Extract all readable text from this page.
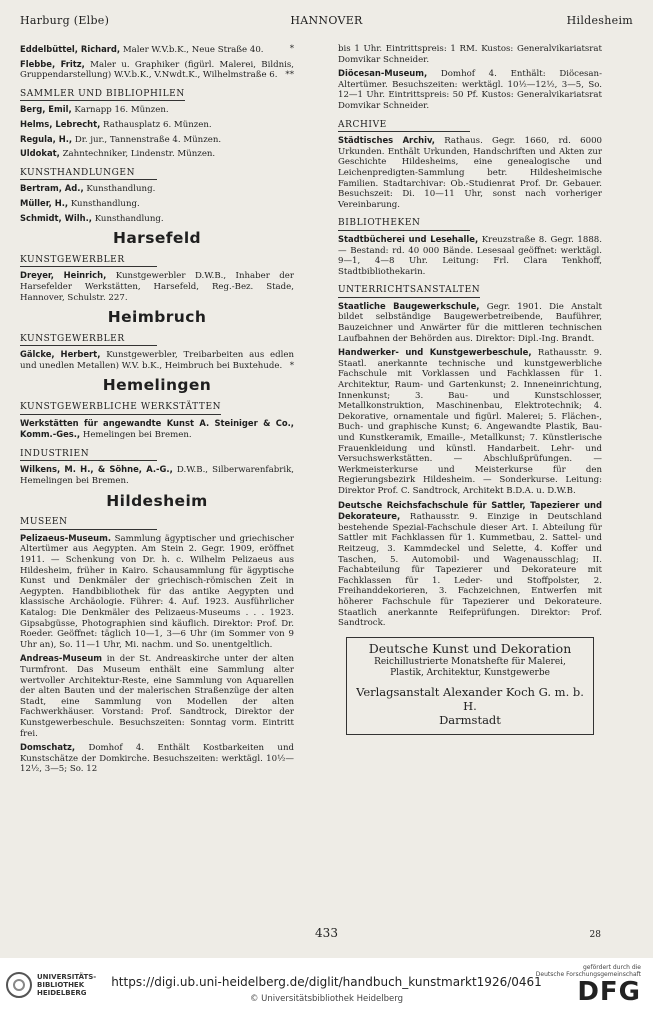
Harburg (Elbe)	HANNOVER	Hildesheim

Eddelbüttel, Richard, Maler W.V.b.K., Neue Straße 40.	*

Flebbe, Fritz, Maler u. Graphiker (figürl. Malerei, Bildnis, Gruppendarstellung) W.V.b.K., V.Nwdt.K., Wilhelmstraße 6. **

SAMMLER UND BIBLIOPHILEN

Berg, Emil, Karnapp 16. Münzen.

Helms, Lebrecht, Rathausplatz 6. Münzen.

Regula, H., Dr. jur., Tannenstraße 4. Münzen.

Uldokat, Zahntechniker, Lindenstr. Münzen.

KUNSTHANDLUNGEN

Bertram, Ad., Kunsthandlung.

Müller, H., Kunsthandlung.

Schmidt, Wilh., Kunsthandlung.

Harsefeld
KUNSTGEWERBLER

Dreyer, Heinrich, Kunstgewerbler D.W.B., Inhaber der Harsefelder Werkstätten, Harsefeld, Reg.-Bez. Stade, Hannover, Schulstr. 227.

Heimbruch
KUNSTGEWERBLER

Gälcke, Herbert, Kunstgewerbler, Treibarbeiten aus edlen und unedlen Metallen) W.V. b.K., Heimbruch bei Buxtehude. *

Hemelingen
KUNSTGEWERBLICHE WERKSTÄTTEN

Werkstätten für angewandte Kunst A. Steiniger & Co., Komm.-Ges., Hemelingen bei Bremen.

INDUSTRIEN

Wilkens, M. H., & Söhne, A.-G., D.W.B., Silberwarenfabrik, Hemelingen bei Bremen.

Hildesheim
MUSEEN

Pelizaeus-Museum. Sammlung ägyptischer und griechischer Altertümer aus Aegypten. Am Stein 2. Gegr. 1909, eröffnet 1911. — Schenkung von Dr. h. c. Wilhelm Pelizaeus aus Hildesheim, früher in Kairo. Schausammlung für ägyptische Kunst und Denkmäler der griechisch-römischen Zeit in Aegypten. Handbibliothek für das antike Aegypten und klassische Archäologie. Führer: 4. Auf. 1923. Ausführlicher Katalog: Die Denkmäler des Pelizaeus-Museums . . . 1923. Gipsabgüsse, Photographien sind käuflich. Direktor: Prof. Dr. Roeder. Geöffnet: täglich 10—1, 3—6 Uhr (im Sommer von 9 Uhr an), So. 11—1 Uhr, Mi. nachm. und So. unentgeltlich.

Andreas-Museum in der St. Andreaskirche unter der alten Turmfront. Das Museum enthält eine Sammlung alter wertvoller Architektur-Reste, eine Sammlung von Aquarellen der alten Bauten und der malerischen Straßenzüge der alten Stadt, eine Sammlung von Modellen der alten Fachwerkhäuser. Vorstand: Prof. Sandtrock, Direktor der Kunstgewerbeschule. Besuchszeiten: Sonntag vorm. Eintritt frei.

Domschatz, Domhof 4. Enthält Kostbarkeiten und Kunstschätze der Domkirche. Besuchszeiten: werktägl. 10½— 12½, 3—5; So. 12

bis 1 Uhr. Eintrittspreis: 1 RM. Kustos: Generalvikariatsrat Domvikar Schneider.

Diöcesan-Museum, Domhof 4. Enthält: Diöcesan-Altertümer. Besuchszeiten: werktägl. 10½—12½, 3—5, So. 12—1 Uhr. Eintrittspreis: 50 Pf. Kustos: Generalvikariatsrat Domvikar Schneider.

ARCHIVE

Städtisches Archiv, Rathaus. Gegr. 1660, rd. 6000 Urkunden. Enthält Urkunden, Handschriften und Akten zur Geschichte Hildesheims, eine genealogische und Leichenpredigten-Sammlung betr. Hildesheimische Familien. Stadtarchivar: Ob.-Studienrat Prof. Dr. Gebauer. Besuchszeit: Di. 10—11 Uhr, sonst nach vorheriger Vereinbarung.

BIBLIOTHEKEN

Stadtbücherei und Lesehalle, Kreuzstraße 8. Gegr. 1888. — Bestand: rd. 40 000 Bände. Lesesaal geöffnet: werktägl. 9—1, 4—8 Uhr. Leitung: Frl. Clara Tenkhoff, Stadtbibliothekarin.

UNTERRICHTSANSTALTEN

Staatliche Baugewerkschule, Gegr. 1901. Die Anstalt bildet selbständige Baugewerbetreibende, Bauführer, Bauzeichner und Anwärter für die mittleren technischen Laufbahnen der Behörden aus. Direktor: Dipl.-Ing. Brandt.

Handwerker- und Kunstgewerbeschule, Rathausstr. 9. Staatl. anerkannte technische und kunstgewerbliche Fachschule mit Vorklassen und Fachklassen für 1. Architektur, Raum- und Gartenkunst; 2. Inneneinrichtung, Innenkunst; 3. Bau- und Kunstschlosser, Metallkonstruktion, Maschinenbau, Elektrotechnik; 4. Dekorative, ornamentale und figürl. Malerei; 5. Flächen-, Buch- und graphische Kunst; 6. Angewandte Plastik, Bau- und Kunstkeramik, Emaille-, Metallkunst; 7. Künstlerische Frauenkleidung und künstl. Handarbeit. Lehr- und Versuchswerkstätten. — Abschlußprüfungen. — Werkmeisterkurse und Meisterkurse für den Regierungsbezirk Hildesheim. — Sonderkurse. Leitung: Direktor Prof. C. Sandtrock, Architekt B.D.A. u. D.W.B.

Deutsche Reichsfachschule für Sattler, Tapezierer und Dekorateure, Rathausstr. 9. Einzige in Deutschland bestehende Spezial-Fachschule dieser Art. I. Abteilung für Sattler mit Fachklassen für 1. Kummetbau, 2. Sattel- und Reitzeug, 3. Kammdeckel und Selette, 4. Koffer und Taschen, 5. Automobil- und Wagenausschlag; II. Fachabteilung für Tapezierer und Dekorateure mit Fachklassen für 1. Leder- und Stoffpolster, 2. Freihanddekorieren, 3. Fachzeichnen, Entwerfen mit höherer Fachschule für Tapezierer und Dekorateure. Staatlich anerkannte Reifeprüfungen. Direktor: Prof. Sandtrock.

Deutsche Kunst und Dekoration
Reichillustrierte Monatshefte für Malerei,
Plastik, Architektur, Kunstgewerbe
Verlagsanstalt Alexander Koch G. m. b. H.
Darmstadt
433	28
UNIVERSITÄTS-
BIBLIOTHEK
HEIDELBERG
https://digi.ub.uni-heidelberg.de/diglit/handbuch_kunstmarkt1926/0461
© Universitätsbibliothek Heidelberg
gefördert durch die
Deutsche Forschungsgemeinschaft
DFG
